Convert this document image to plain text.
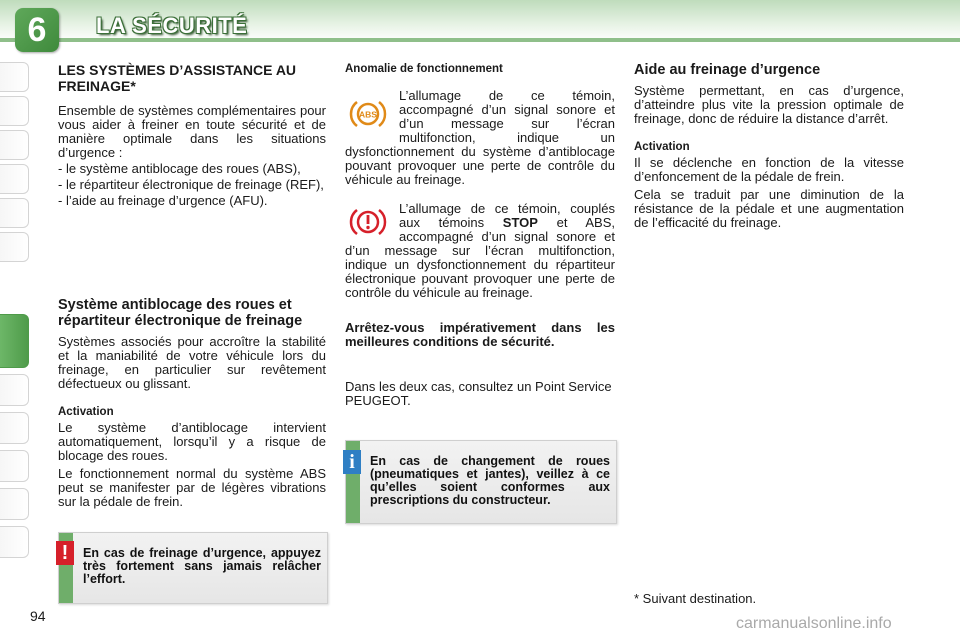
6	LA SÉCURITÉ
LES SYSTÈMES D’ASSISTANCE AU FREINAGE*
Ensemble de systèmes complémentaires pour vous aider à freiner en toute sécurité et de manière optimale dans les situations d’urgence :
- le système antiblocage des roues (ABS),
- le répartiteur électronique de freinage (REF),
- l’aide au freinage d’urgence (AFU).
Système antiblocage des roues et répartiteur électronique de freinage
Systèmes associés pour accroître la stabilité et la maniabilité de votre véhicule lors du freinage, en particulier sur revêtement défectueux ou glissant.
Activation
Le système d’antiblocage intervient automatiquement, lorsqu’il y a risque de blocage des roues.
Le fonctionnement normal du système ABS peut se manifester par de légères vibrations sur la pédale de frein.
En cas de freinage d’urgence, appuyez très fortement sans jamais relâcher l’effort.
!
Anomalie de fonctionnement
ABS
L’allumage de ce témoin, accompagné d’un signal sonore et d’un message sur l’écran multifonction, indique un dysfonctionnement du système d’antiblocage pouvant provoquer une perte de contrôle du véhicule au freinage.
L’allumage de ce témoin, couplés aux témoins STOP et ABS, accompagné d’un signal sonore et d’un message sur l’écran multifonction, indique un dysfonctionnement du répartiteur électronique pouvant provoquer une perte de contrôle du véhicule au freinage.
Arrêtez-vous impérativement dans les meilleures conditions de sécurité.
Dans les deux cas, consultez un Point Service PEUGEOT.
En cas de changement de roues (pneumatiques et jantes), veillez à ce qu’elles soient conformes aux prescriptions du constructeur.
i
Aide au freinage d’urgence
Système permettant, en cas d’urgence, d’atteindre plus vite la pression optimale de freinage, donc de réduire la distance d’arrêt.
Activation
Il se déclenche en fonction de la vitesse d’enfoncement de la pédale de frein.
Cela se traduit par une diminution de la résistance de la pédale et une augmentation de l’efficacité du freinage.
* Suivant destination.
94	carmanualsonline.info
